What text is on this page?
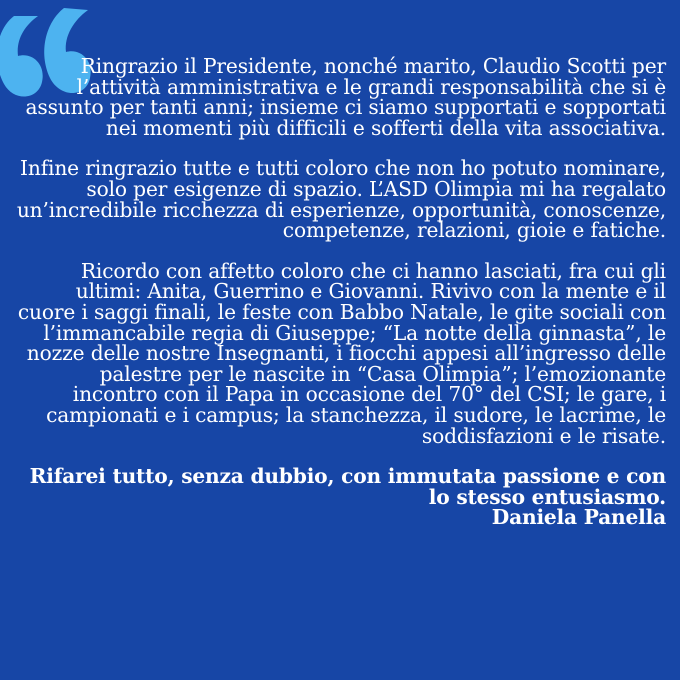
Ringrazio il Presidente, nonché marito, Claudio Scotti per l’attività amministrativa e le grandi responsabilità che si è assunto per tanti anni; insieme ci siamo supportati e sopportati nei momenti più difficili e sofferti della vita associativa.

Infine ringrazio tutte e tutti coloro che non ho potuto nominare, solo per esigenze di spazio. L’ASD Olimpia mi ha regalato un’incredibile ricchezza di esperienze, opportunità, conoscenze, competenze, relazioni, gioie e fatiche.

Ricordo con affetto coloro che ci hanno lasciati, fra cui gli ultimi: Anita, Guerrino e Giovanni. Rivivo con la mente e il cuore i saggi finali, le feste con Babbo Natale, le gite sociali con l’immancabile regia di Giuseppe; “La notte della ginnasta”, le nozze delle nostre Insegnanti, i fiocchi appesi all’ingresso delle palestre per le nascite in “Casa Olimpia”; l’emozionante incontro con il Papa in occasione del 70° del CSI; le gare, i campionati e i campus; la stanchezza, il sudore, le lacrime, le soddisfazioni e le risate.

Rifarei tutto, senza dubbio, con immutata passione e con lo stesso entusiasmo.
Daniela Panella
